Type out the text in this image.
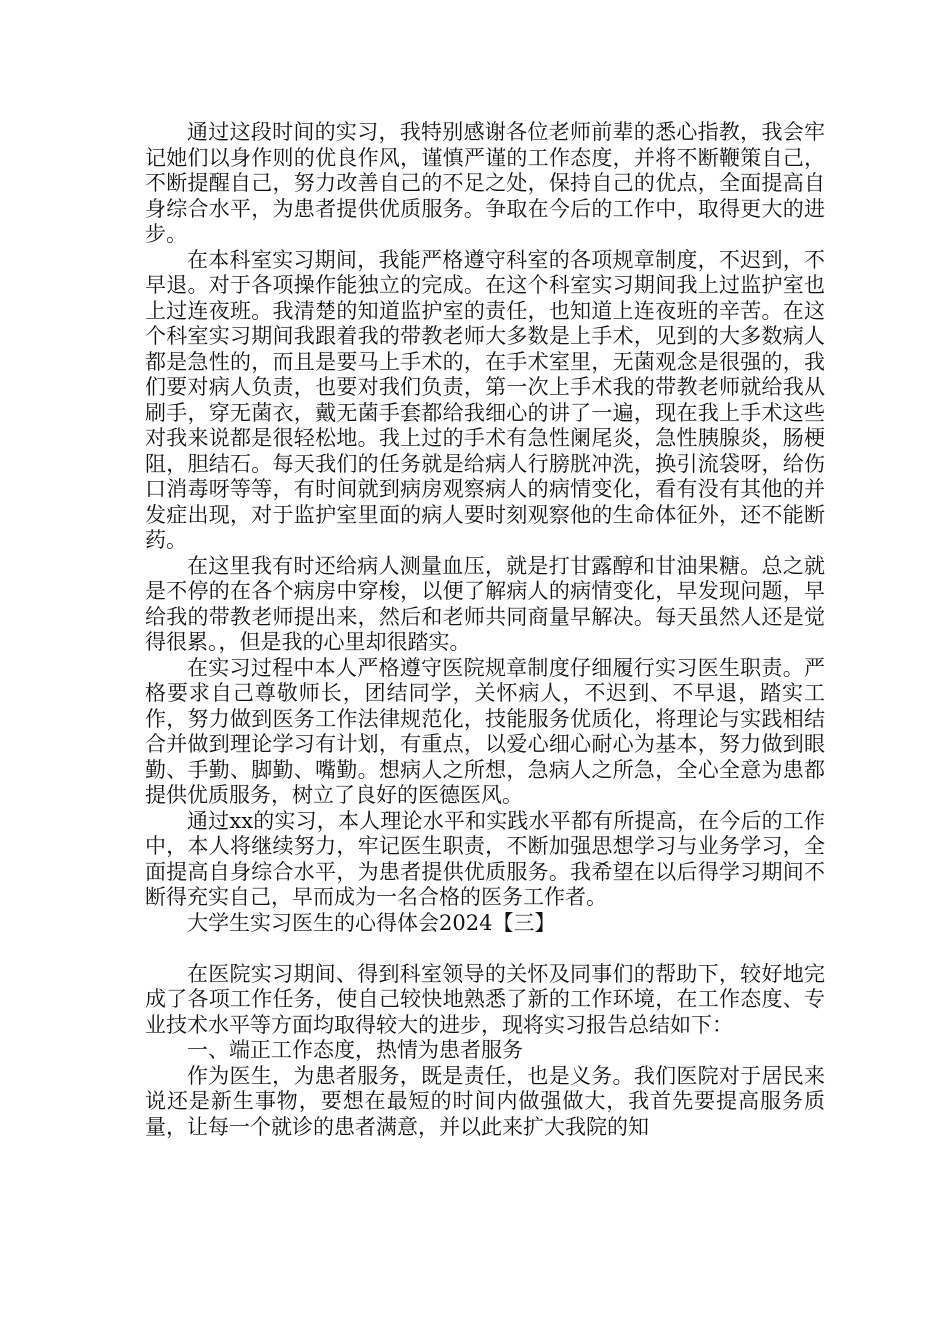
通过这段时间的实习，我特别感谢各位老师前辈的悉心指教，我会牢记她们以身作则的优良作风，谨慎严谨的工作态度，并将不断鞭策自己，不断提醒自己，努力改善自己的不足之处，保持自己的优点，全面提高自身综合水平，为患者提供优质服务。争取在今后的工作中，取得更大的进步。

在本科室实习期间，我能严格遵守科室的各项规章制度，不迟到，不早退。对于各项操作能独立的完成。在这个科室实习期间我上过监护室也上过连夜班。我清楚的知道监护室的责任，也知道上连夜班的辛苦。在这个科室实习期间我跟着我的带教老师大多数是上手术，见到的大多数病人都是急性的，而且是要马上手术的，在手术室里，无菌观念是很强的，我们要对病人负责，也要对我们负责，第一次上手术我的带教老师就给我从刷手，穿无菌衣，戴无菌手套都给我细心的讲了一遍，现在我上手术这些对我来说都是很轻松地。我上过的手术有急性阑尾炎，急性胰腺炎，肠梗阻，胆结石。每天我们的任务就是给病人行膀胱冲洗，换引流袋呀，给伤口消毒呀等等，有时间就到病房观察病人的病情变化，看有没有其他的并发症出现，对于监护室里面的病人要时刻观察他的生命体征外，还不能断药。

在这里我有时还给病人测量血压，就是打甘露醇和甘油果糖。总之就是不停的在各个病房中穿梭，以便了解病人的病情变化，早发现问题，早给我的带教老师提出来，然后和老师共同商量早解决。每天虽然人还是觉得很累。，但是我的心里却很踏实。

在实习过程中本人严格遵守医院规章制度仔细履行实习医生职责。严格要求自己尊敬师长，团结同学，关怀病人，不迟到、不早退，踏实工作，努力做到医务工作法律规范化，技能服务优质化，将理论与实践相结合并做到理论学习有计划，有重点，以爱心细心耐心为基本，努力做到眼勤、手勤、脚勤、嘴勤。想病人之所想，急病人之所急，全心全意为患都提供优质服务，树立了良好的医德医风。

通过xx的实习，本人理论水平和实践水平都有所提高，在今后的工作中，本人将继续努力，牢记医生职责，不断加强思想学习与业务学习，全面提高自身综合水平，为患者提供优质服务。我希望在以后得学习期间不断得充实自己，早而成为一名合格的医务工作者。

大学生实习医生的心得体会2024【三】

在医院实习期间、得到科室领导的关怀及同事们的帮助下，较好地完成了各项工作任务，使自己较快地熟悉了新的工作环境，在工作态度、专业技术水平等方面均取得较大的进步，现将实习报告总结如下：

一、端正工作态度，热情为患者服务

作为医生，为患者服务，既是责任，也是义务。我们医院对于居民来说还是新生事物，要想在最短的时间内做强做大，我首先要提高服务质量，让每一个就诊的患者满意，并以此来扩大我院的知
